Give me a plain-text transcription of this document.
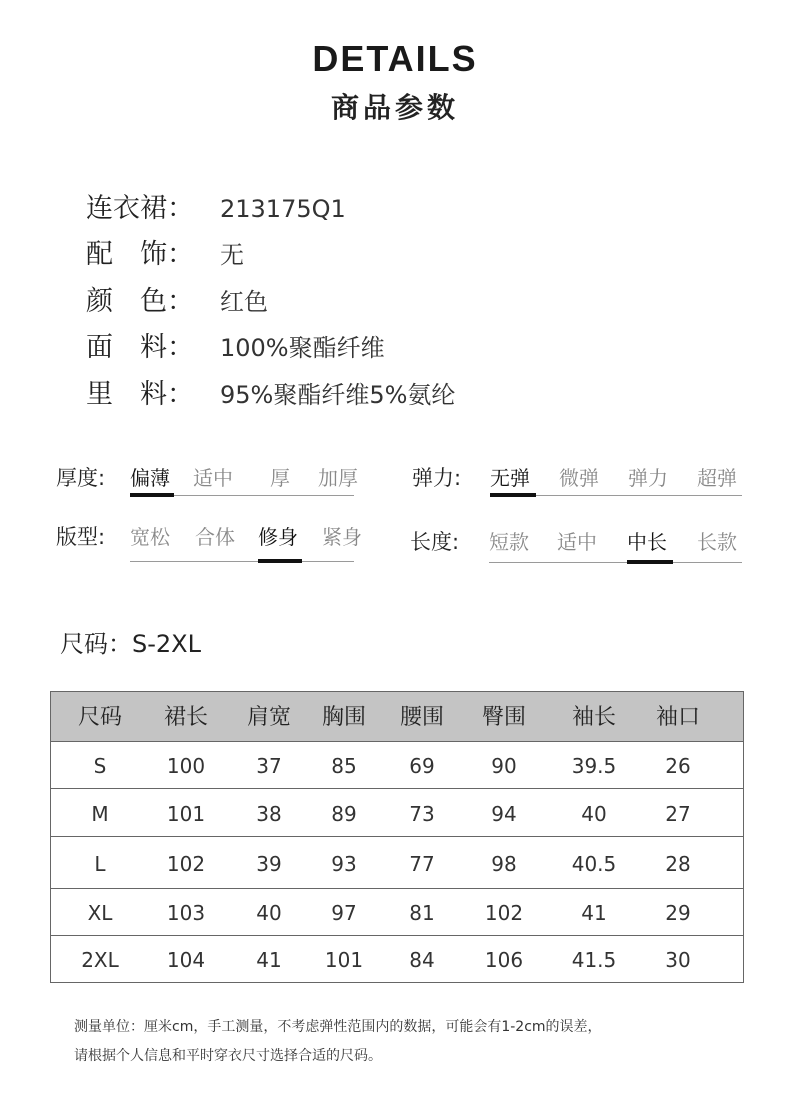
DETAILS
商品参数
连衣裙： 213175Q1
配　饰： 无
颜　色： 红色
面　料： 100%聚酯纤维
里　料： 95%聚酯纤维5%氨纶
厚度: 偏薄 适中 厚 加厚	弹力: 无弹 微弹 弹力 超弹
版型: 宽松 合体 修身 紧身 长度: 短款 适中 中长 长款
尺码：S-2XL
尺码	裙长	肩宽	胸围	腰围	臀围	袖长	袖口
S	100	37	85	69	90	39.5	26
M	101	38	89	73	94	40	27
L	102	39	93	77	98	40.5	28
XL	103	40	97	81	102	41	29
2XL	104	41	101	84	106	41.5	30
测量单位：厘米cm，手工测量，不考虑弹性范围内的数据，可能会有1-2cm的误差，
请根据个人信息和平时穿衣尺寸选择合适的尺码。
